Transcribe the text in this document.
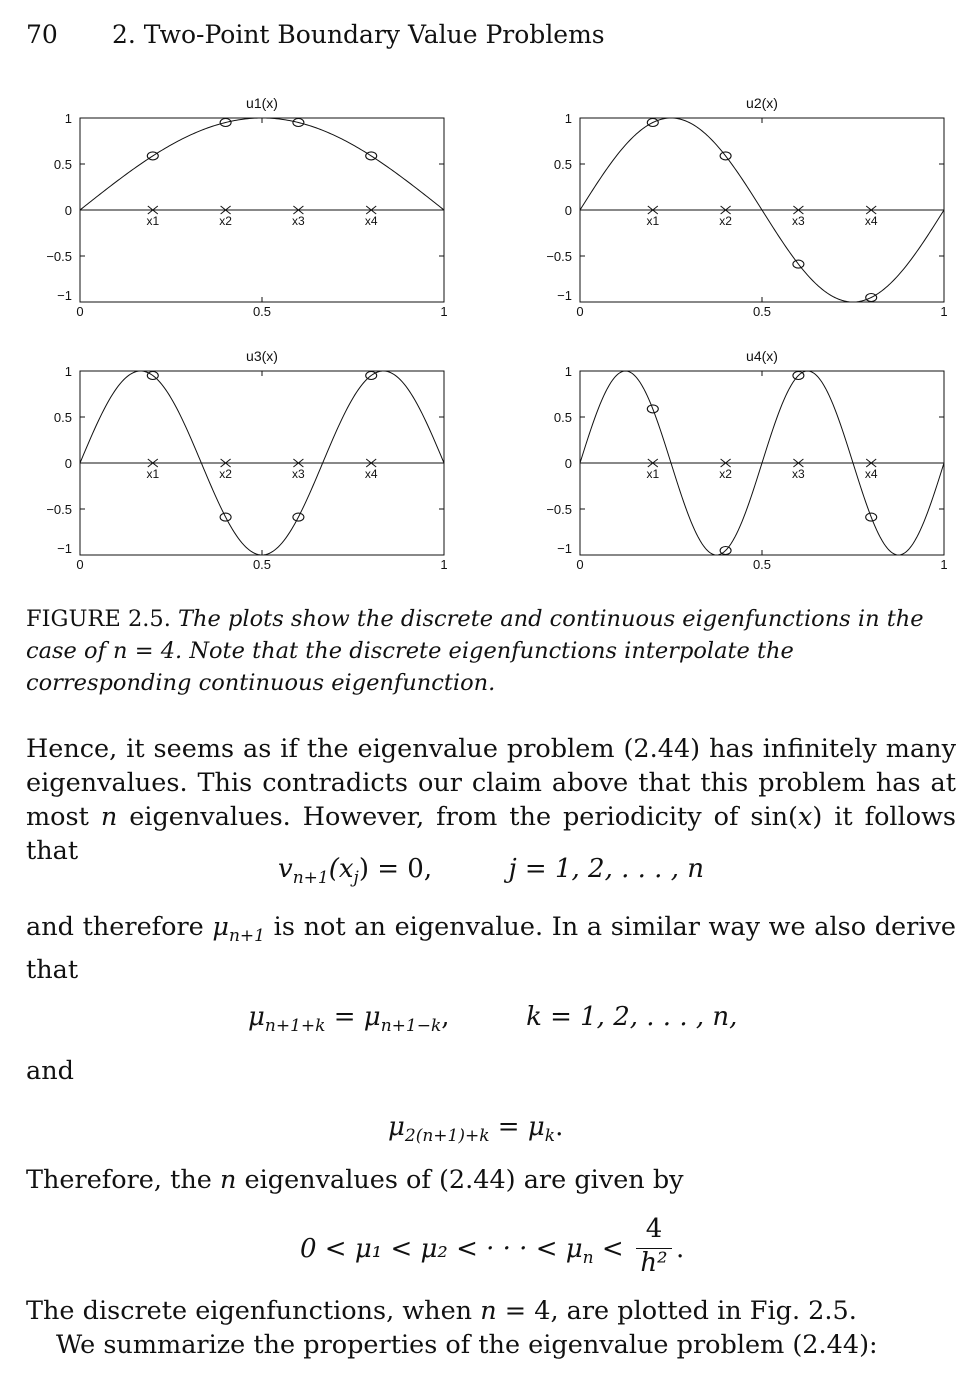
70 2. Two-Point Boundary Value Problems
u1(x)
1
0.5
0
−0.5
−1
0	0.5	1
x1	x2	x3	x4
u2(x)
1
0.5
0
−0.5
−1
0	0.5	1
x1	x2	x3	x4
u3(x)
1
0.5
0
−0.5
−1
0	0.5	1
x1	x2	x3	x4
u4(x)
1
0.5
0
−0.5
−1
0	0.5	1
x1	x2	x3	x4
FIGURE 2.5. The plots show the discrete and continuous eigenfunctions in the case of n = 4. Note that the discrete eigenfunctions interpolate the corresponding continuous eigenfunction.
Hence, it seems as if the eigenvalue problem (2.44) has infinitely many eigenvalues. This contradicts our claim above that this problem has at most n eigenvalues. However, from the periodicity of sin(x) it follows that
$v_{n+1}(x_j) = 0$,	j = 1, 2, . . . , n
and therefore $\mu_{n+1}$ is not an eigenvalue. In a similar way we also derive that
$\mu_{n+1+k} = \mu_{n+1-k}$,	k = 1, 2, . . . , n,
and
$\mu_{2(n+1)+k} = \mu_k$.
Therefore, the n eigenvalues of (2.44) are given by
0 < μ₁ < μ₂ < · · · < $\mu_n$ <
4
h² .
The discrete eigenfunctions, when n = 4, are plotted in Fig. 2.5.
We summarize the properties of the eigenvalue problem (2.44):
